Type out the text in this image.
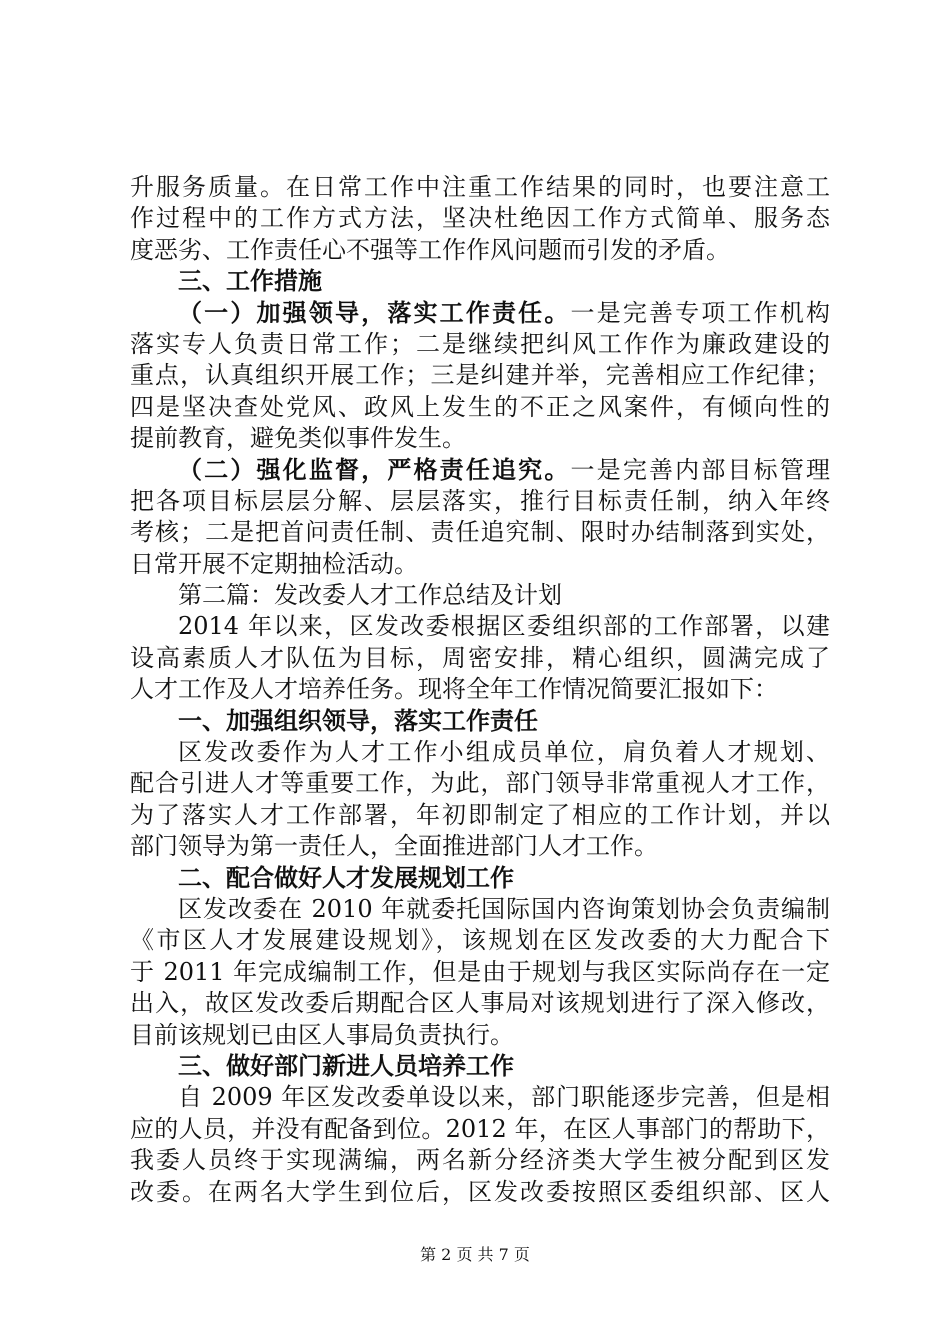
升服务质量。在日常工作中注重工作结果的同时，也要注意工
作过程中的工作方式方法，坚决杜绝因工作方式简单、服务态
度恶劣、工作责任心不强等工作作风问题而引发的矛盾。
三、工作措施
（一）加强领导，落实工作责任。一是完善专项工作机构
落实专人负责日常工作；二是继续把纠风工作作为廉政建设的
重点，认真组织开展工作；三是纠建并举，完善相应工作纪律；
四是坚决查处党风、政风上发生的不正之风案件，有倾向性的
提前教育，避免类似事件发生。
（二）强化监督，严格责任追究。一是完善内部目标管理
把各项目标层层分解、层层落实，推行目标责任制，纳入年终
考核；二是把首问责任制、责任追究制、限时办结制落到实处，
日常开展不定期抽检活动。
第二篇：发改委人才工作总结及计划
2014 年以来，区发改委根据区委组织部的工作部署，以建
设高素质人才队伍为目标，周密安排，精心组织，圆满完成了
人才工作及人才培养任务。现将全年工作情况简要汇报如下：
一、加强组织领导，落实工作责任
区发改委作为人才工作小组成员单位，肩负着人才规划、
配合引进人才等重要工作，为此，部门领导非常重视人才工作，
为了落实人才工作部署，年初即制定了相应的工作计划，并以
部门领导为第一责任人，全面推进部门人才工作。
二、配合做好人才发展规划工作
区发改委在 2010 年就委托国际国内咨询策划协会负责编制
《市区人才发展建设规划》，该规划在区发改委的大力配合下
于 2011 年完成编制工作，但是由于规划与我区实际尚存在一定
出入，故区发改委后期配合区人事局对该规划进行了深入修改，
目前该规划已由区人事局负责执行。
三、做好部门新进人员培养工作
自 2009 年区发改委单设以来，部门职能逐步完善，但是相
应的人员，并没有配备到位。2012 年，在区人事部门的帮助下，
我委人员终于实现满编，两名新分经济类大学生被分配到区发
改委。在两名大学生到位后，区发改委按照区委组织部、区人
第 2 页 共 7 页
